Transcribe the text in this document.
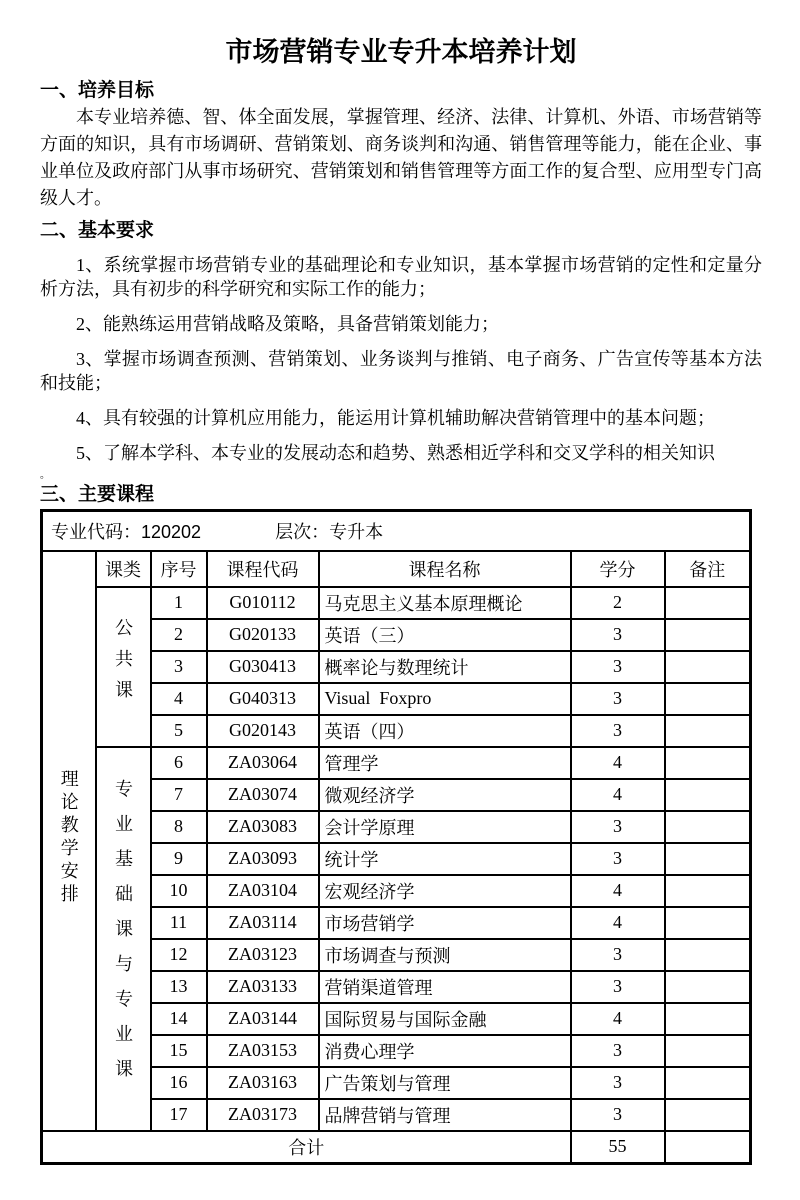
市场营销专业专升本培养计划
一、培养目标

本专业培养德、智、体全面发展，掌握管理、经济、法律、计算机、外语、市场营销等方面的知识，具有市场调研、营销策划、商务谈判和沟通、销售管理等能力，能在企业、事业单位及政府部门从事市场研究、营销策划和销售管理等方面工作的复合型、应用型专门高级人才。

二、基本要求

1、系统掌握市场营销专业的基础理论和专业知识，基本掌握市场营销的定性和定量分析方法，具有初步的科学研究和实际工作的能力；

2、能熟练运用营销战略及策略，具备营销策划能力；

3、掌握市场调查预测、营销策划、业务谈判与推销、电子商务、广告宣传等基本方法和技能；

4、具有较强的计算机应用能力，能运用计算机辅助解决营销管理中的基本问题；

5、了解本学科、本专业的发展动态和趋势、熟悉相近学科和交叉学科的相关知识

。
三、主要课程
专业代码：120202 层次：专升本						
理论教学安排	课类	序号	课程代码	课程名称	学分	备注
	公共课	1	G010112	马克思主义基本原理概论	2	
		2	G020133	英语（三）	3	
		3	G030413	概率论与数理统计	3	
		4	G040313	Visual  Foxpro	3	
		5	G020143	英语（四）	3	
	专业基础课与专业课	6	ZA03064	管理学	4	
		7	ZA03074	微观经济学	4	
		8	ZA03083	会计学原理	3	
		9	ZA03093	统计学	3	
		10	ZA03104	宏观经济学	4	
		11	ZA03114	市场营销学	4	
		12	ZA03123	市场调查与预测	3	
		13	ZA03133	营销渠道管理	3	
		14	ZA03144	国际贸易与国际金融	4	
		15	ZA03153	消费心理学	3	
		16	ZA03163	广告策划与管理	3	
		17	ZA03173	品牌营销与管理	3	
合计					55	
